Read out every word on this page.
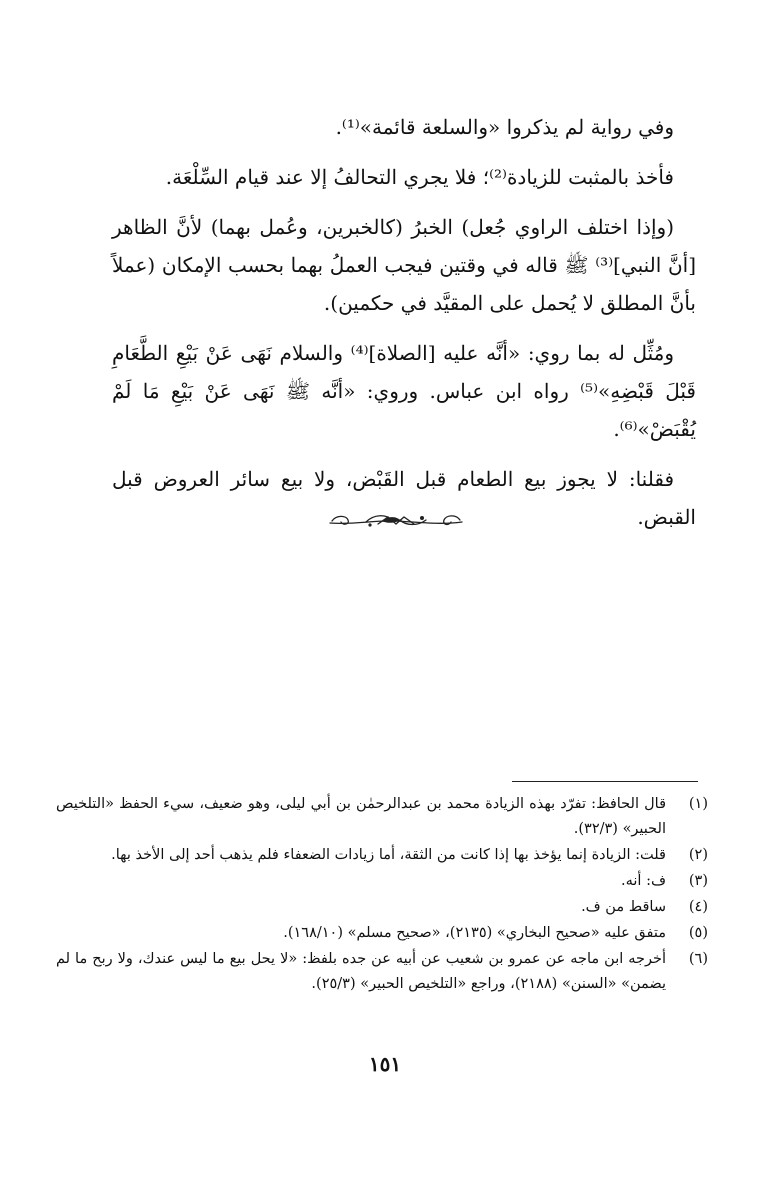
وفي رواية لم يذكروا «والسلعة قائمة»⁽¹⁾.

فأخذ بالمثبت للزيادة⁽²⁾؛ فلا يجري التحالفُ إلا عند قيام السِّلْعَة.

(وإذا اختلف الراوي جُعل) الخبرُ (كالخبرين، وعُمل بهما) لأنَّ الظاهر [أنَّ النبي]⁽³⁾ ﷺ قاله في وقتين فيجب العملُ بهما بحسب الإمكان (عملاً بأنَّ المطلق لا يُحمل على المقيَّد في حكمين).

ومُثِّل له بما روي: «أنَّه عليه [الصلاة]⁽⁴⁾ والسلام نَهَى عَنْ بَيْعِ الطَّعَامِ قَبْلَ قَبْضِهِ»⁽⁵⁾ رواه ابن عباس. وروي: «أنَّه ﷺ نَهَى عَنْ بَيْعِ مَا لَمْ يُقْبَضْ»⁽⁶⁾.

فقلنا: لا يجوز بيع الطعام قبل القَبْض، ولا بيع سائر العروض قبل القبض.

(١)
قال الحافظ: تفرّد بهذه الزيادة محمد بن عبدالرحمٰن بن أبي ليلى، وهو ضعيف، سيء الحفظ «التلخيص الحبير» (٣٢/٣).
(٢)
قلت: الزيادة إنما يؤخذ بها إذا كانت من الثقة، أما زيادات الضعفاء فلم يذهب أحد إلى الأخذ بها.
(٣)
ف: أنه.
(٤)
ساقط من ف.
(٥)
متفق عليه «صحيح البخاري» (٢١٣٥)، «صحيح مسلم» (١٦٨/١٠).
(٦)
أخرجه ابن ماجه عن عمرو بن شعيب عن أبيه عن جده بلفظ: «لا يحل بيع ما ليس عندك، ولا ربح ما لم يضمن» «السنن» (٢١٨٨)، وراجع «التلخيص الحبير» (٢٥/٣).
١٥١
